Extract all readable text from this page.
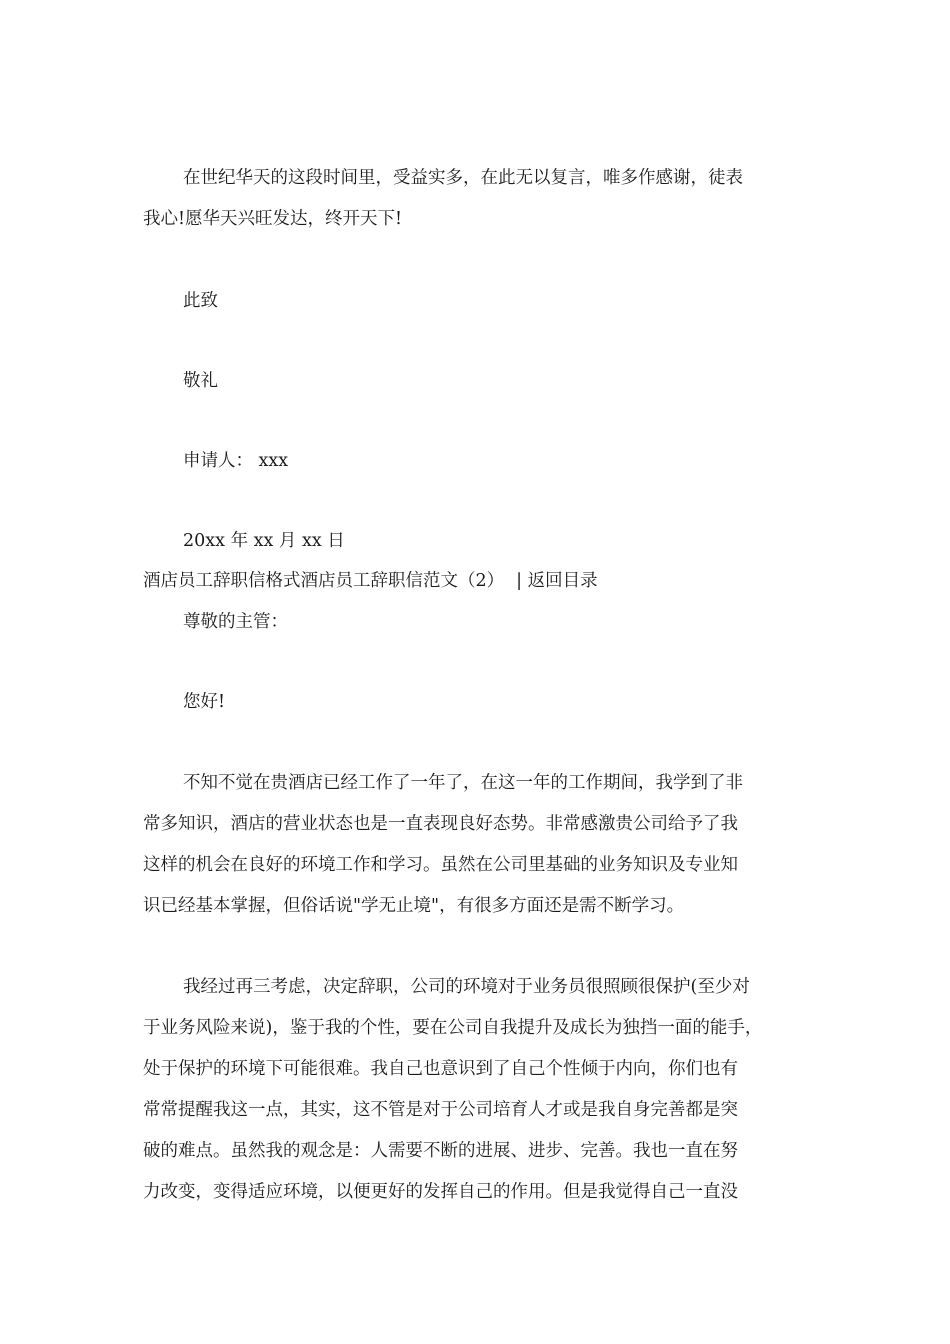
在世纪华天的这段时间里，受益实多，在此无以复言，唯多作感谢，徒表
我心!愿华天兴旺发达，终开天下!
此致
敬礼
申请人： xxx
20xx 年 xx 月 xx 日
酒店员工辞职信格式酒店员工辞职信范文（2） | 返回目录
尊敬的主管：
您好!
不知不觉在贵酒店已经工作了一年了，在这一年的工作期间，我学到了非
常多知识，酒店的营业状态也是一直表现良好态势。非常感激贵公司给予了我
这样的机会在良好的环境工作和学习。虽然在公司里基础的业务知识及专业知
识已经基本掌握，但俗话说"学无止境"，有很多方面还是需不断学习。
我经过再三考虑，决定辞职，公司的环境对于业务员很照顾很保护(至少对
于业务风险来说)，鉴于我的个性，要在公司自我提升及成长为独挡一面的能手，
处于保护的环境下可能很难。我自己也意识到了自己个性倾于内向，你们也有
常常提醒我这一点，其实，这不管是对于公司培育人才或是我自身完善都是突
破的难点。虽然我的观念是：人需要不断的进展、进步、完善。我也一直在努
力改变，变得适应环境，以便更好的发挥自己的作用。但是我觉得自己一直没
